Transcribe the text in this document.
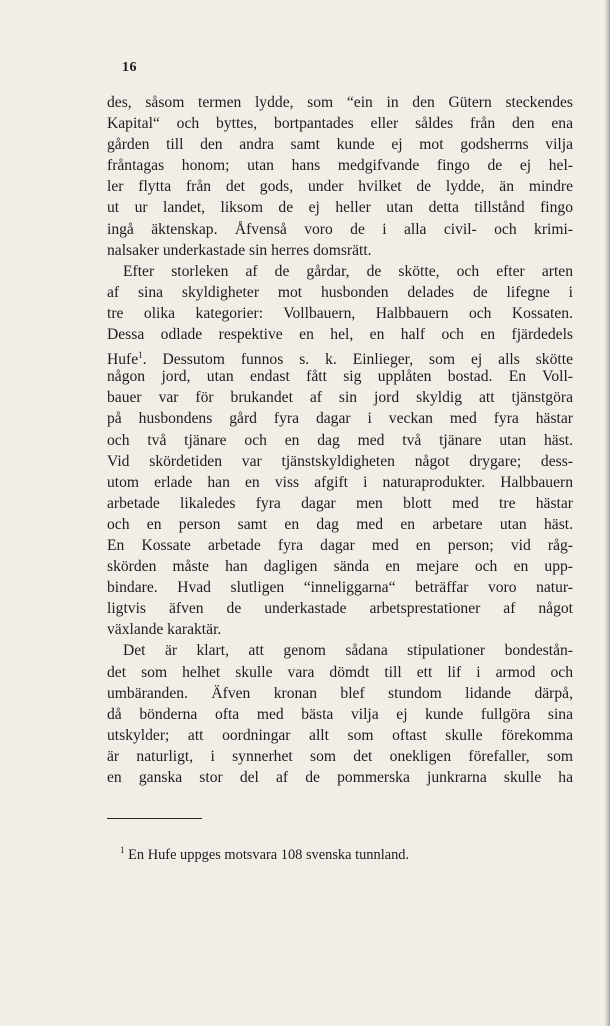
16
des, såsom termen lydde, som “ein in den Gütern steckendes
Kapital“ och byttes, bortpantades eller såldes från den ena
gården till den andra samt kunde ej mot godsherrns vilja
fråntagas honom; utan hans medgifvande fingo de ej hel-
ler flytta från det gods, under hvilket de lydde, än mindre
ut ur landet, liksom de ej heller utan detta tillstånd fingo
ingå äktenskap. Åfvenså voro de i alla civil- och krimi-
nalsaker underkastade sin herres domsrätt.
Efter storleken af de gårdar, de skötte, och efter arten
af sina skyldigheter mot husbonden delades de lifegne i
tre olika kategorier: Vollbauern, Halbbauern och Kossaten.
Dessa odlade respektive en hel, en half och en fjärdedels
Hufe$^1$. Dessutom funnos s. k. Einlieger, som ej alls skötte
någon jord, utan endast fått sig upplåten bostad. En Voll-
bauer var för brukandet af sin jord skyldig att tjänstgöra
på husbondens gård fyra dagar i veckan med fyra hästar
och två tjänare och en dag med två tjänare utan häst.
Vid skördetiden var tjänstskyldigheten något drygare; dess-
utom erlade han en viss afgift i naturaprodukter. Halbbauern
arbetade likaledes fyra dagar men blott med tre hästar
och en person samt en dag med en arbetare utan häst.
En Kossate arbetade fyra dagar med en person; vid råg-
skörden måste han dagligen sända en mejare och en upp-
bindare. Hvad slutligen “inneliggarna“ beträffar voro natur-
ligtvis äfven de underkastade arbetsprestationer af något
växlande karaktär.
Det är klart, att genom sådana stipulationer bondestån-
det som helhet skulle vara dömdt till ett lif i armod och
umbäranden. Äfven kronan blef stundom lidande därpå,
då bönderna ofta med bästa vilja ej kunde fullgöra sina
utskylder; att oordningar allt som oftast skulle förekomma
är naturligt, i synnerhet som det onekligen förefaller, som
en ganska stor del af de pommerska junkrarna skulle ha
$^1$ En Hufe uppges motsvara 108 svenska tunnland.
